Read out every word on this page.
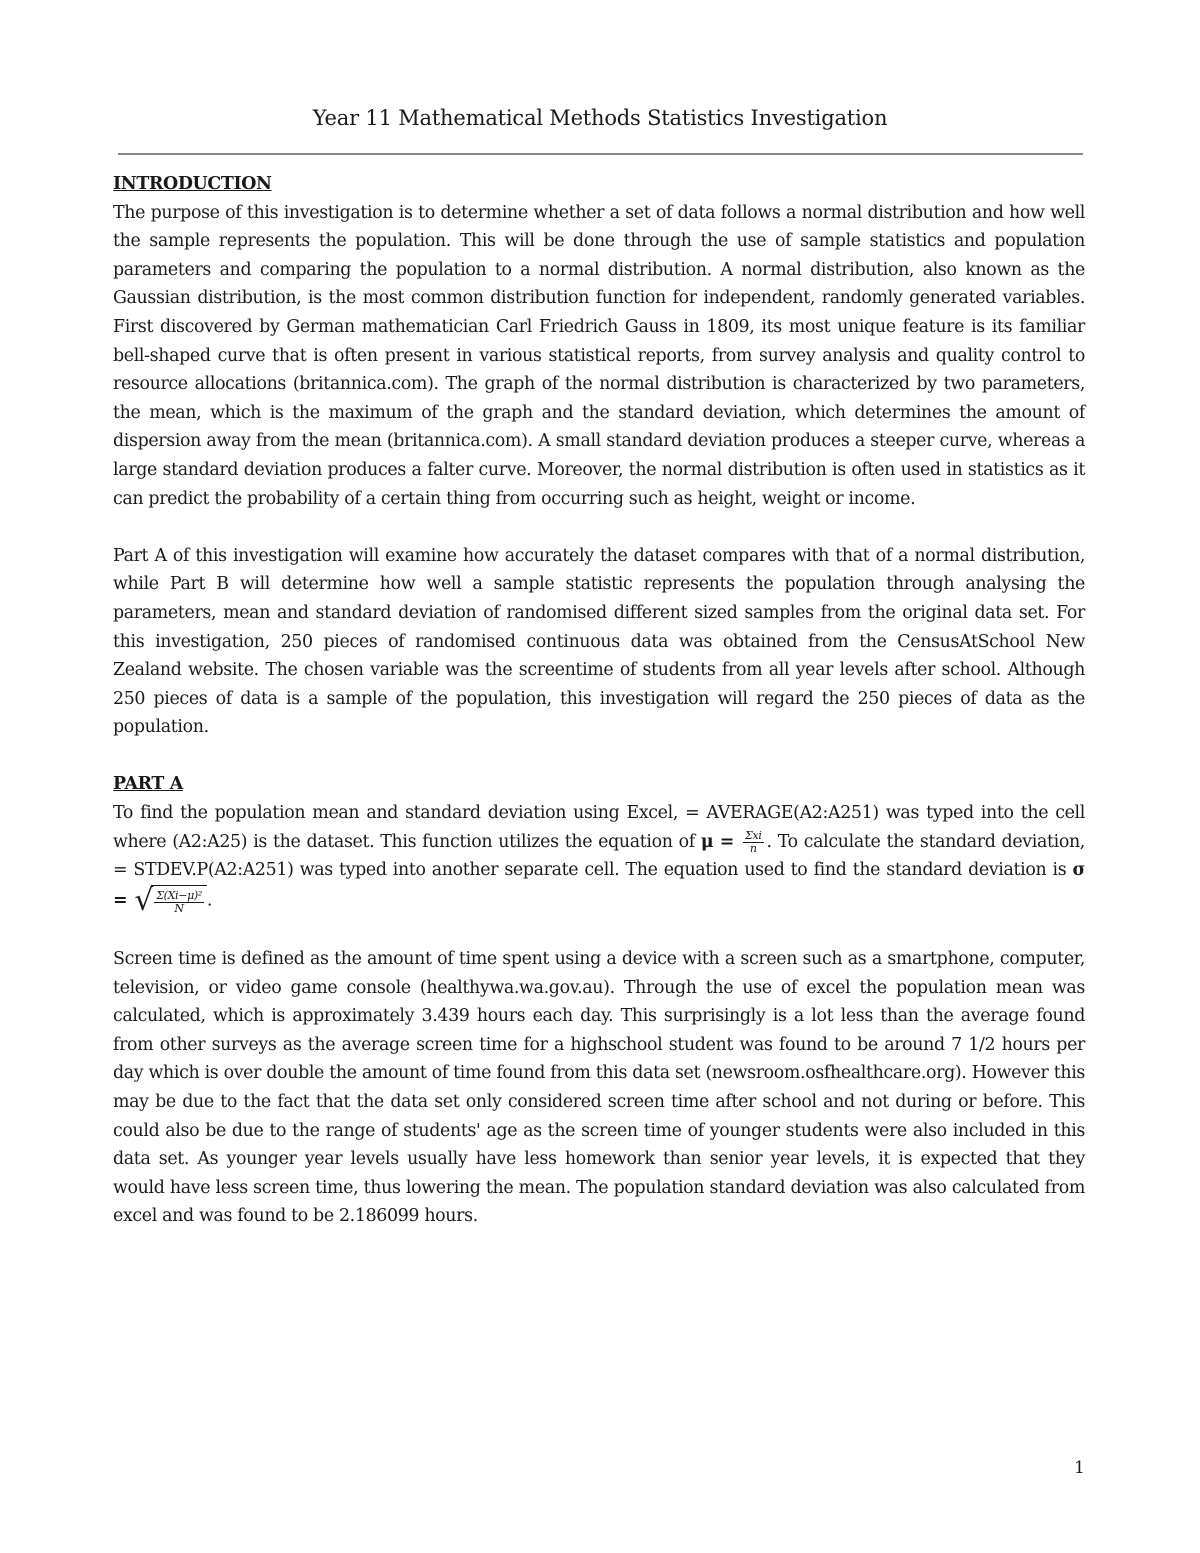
Year 11 Mathematical Methods Statistics Investigation
INTRODUCTION

The purpose of this investigation is to determine whether a set of data follows a normal distribution and how well the sample represents the population. This will be done through the use of sample statistics and population parameters and comparing the population to a normal distribution. A normal distribution, also known as the Gaussian distribution, is the most common distribution function for independent, randomly generated variables. First discovered by German mathematician Carl Friedrich Gauss in 1809, its most unique feature is its familiar bell-shaped curve that is often present in various statistical reports, from survey analysis and quality control to resource allocations (britannica.com). The graph of the normal distribution is characterized by two parameters, the mean, which is the maximum of the graph and the standard deviation, which determines the amount of dispersion away from the mean (britannica.com). A small standard deviation produces a steeper curve, whereas a large standard deviation produces a falter curve. Moreover, the normal distribution is often used in statistics as it can predict the probability of a certain thing from occurring such as height, weight or income.

Part A of this investigation will examine how accurately the dataset compares with that of a normal distribution, while Part B will determine how well a sample statistic represents the population through analysing the parameters, mean and standard deviation of randomised different sized samples from the original data set. For this investigation, 250 pieces of randomised continuous data was obtained from the CensusAtSchool New Zealand website. The chosen variable was the screentime of students from all year levels after school. Although 250 pieces of data is a sample of the population, this investigation will regard the 250 pieces of data as the population.

PART A

To find the population mean and standard deviation using Excel, = AVERAGE(A2:A251) was typed into the cell where (A2:A25) is the dataset. This function utilizes the equation of $\mu = \frac{\text{Σxi}}{n}$ . To calculate the standard deviation, = STDEV.P(A2:A251) was typed into another separate cell. The equation used to find the standard deviation is σ = √ $\frac{\text{Σ(Xi−μ)²}}{N}$ .

Screen time is defined as the amount of time spent using a device with a screen such as a smartphone, computer, television, or video game console (healthywa.wa.gov.au). Through the use of excel the population mean was calculated, which is approximately 3.439 hours each day. This surprisingly is a lot less than the average found from other surveys as the average screen time for a highschool student was found to be around 7 1/2 hours per day which is over double the amount of time found from this data set (newsroom.osfhealthcare.org). However this may be due to the fact that the data set only considered screen time after school and not during or before. This could also be due to the range of students' age as the screen time of younger students were also included in this data set. As younger year levels usually have less homework than senior year levels, it is expected that they would have less screen time, thus lowering the mean. The population standard deviation was also calculated from excel and was found to be 2.186099 hours.

1
